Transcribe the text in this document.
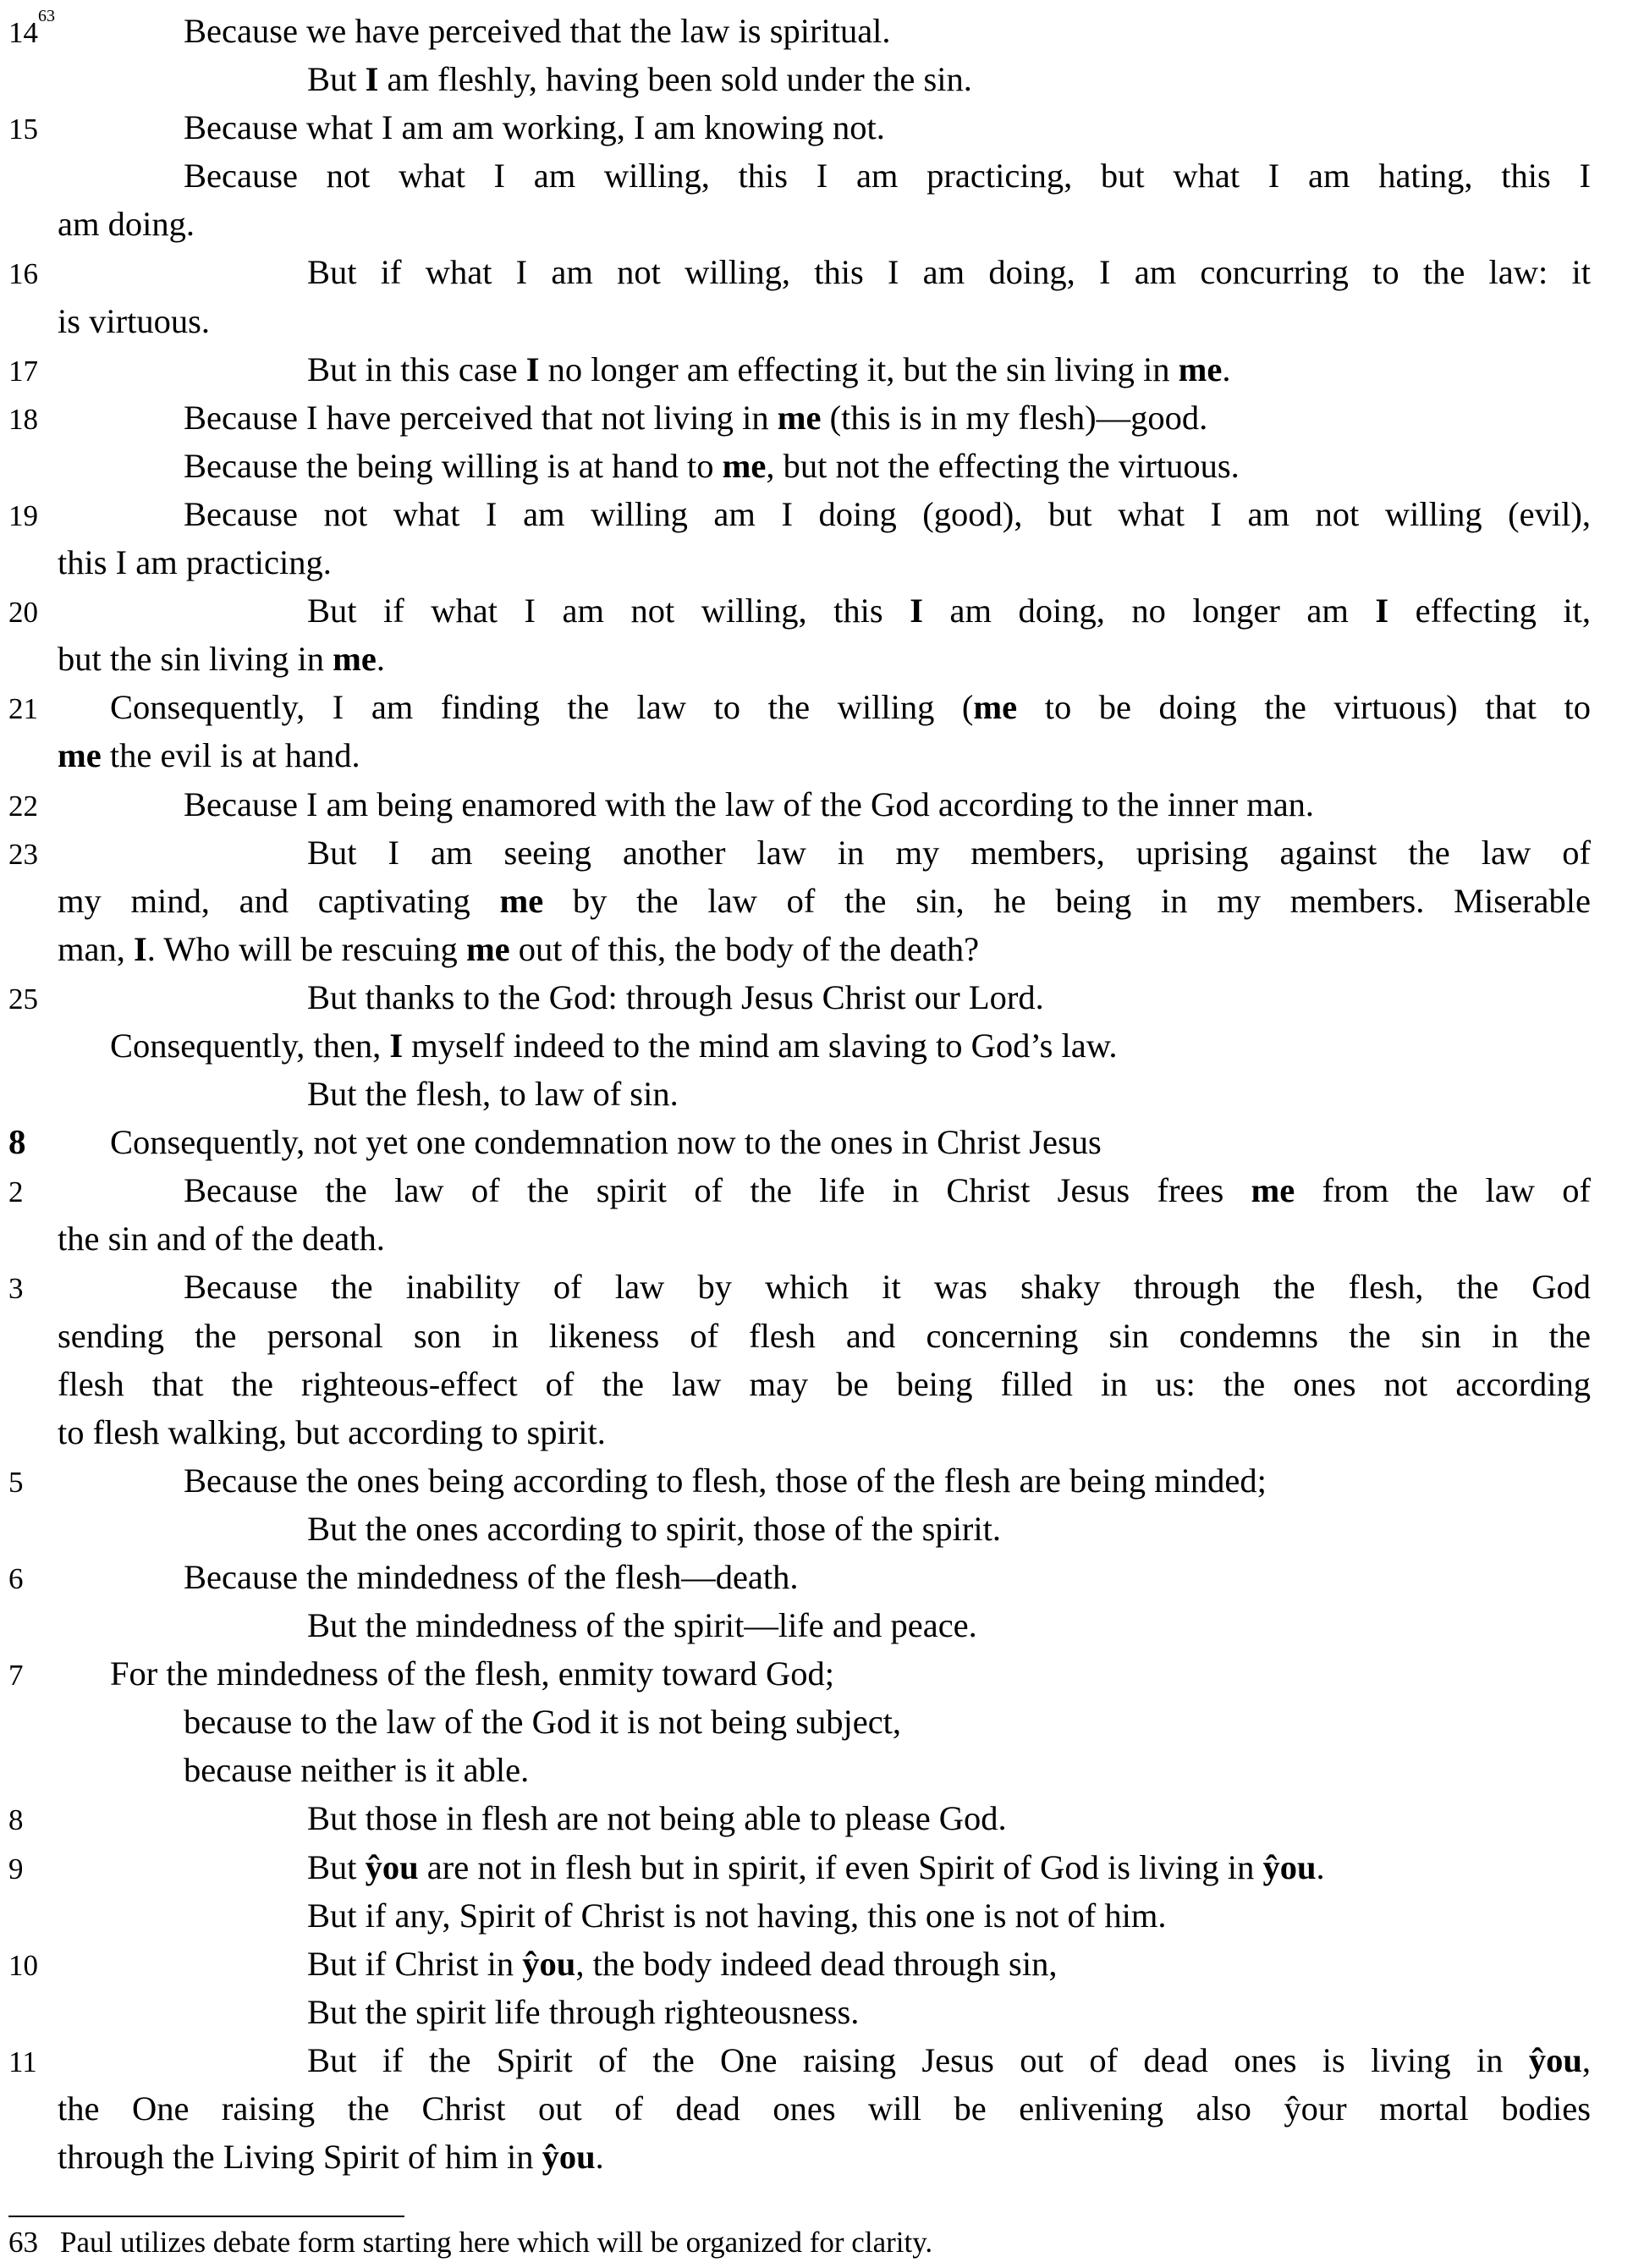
$14^{63}$	Because we have perceived that the law is spiritual.
But I am fleshly, having been sold under the sin.
15	Because what I am am working, I am knowing not.
Because not what I am willing, this I am practicing, but what I am hating, this I
am doing.
16	But if what I am not willing, this I am doing, I am concurring to the law: it
is virtuous.
17	But in this case I no longer am effecting it, but the sin living in me.
18	Because I have perceived that not living in me (this is in my flesh)—good.
Because the being willing is at hand to me, but not the effecting the virtuous.
19	Because not what I am willing am I doing (good), but what I am not willing (evil),
this I am practicing.
20	But if what I am not willing, this I am doing, no longer am I effecting it,
but the sin living in me.
21 Consequently, I am finding the law to the willing (me to be doing the virtuous) that to
me the evil is at hand.
22	Because I am being enamored with the law of the God according to the inner man.
23	But I am seeing another law in my members, uprising against the law of
my mind, and captivating me by the law of the sin, he being in my members. Miserable
man, I. Who will be rescuing me out of this, the body of the death?
25	But thanks to the God: through Jesus Christ our Lord.
Consequently, then, I myself indeed to the mind am slaving to God’s law.
But the flesh, to law of sin.
8 Consequently, not yet one condemnation now to the ones in Christ Jesus
2	Because the law of the spirit of the life in Christ Jesus frees me from the law of
the sin and of the death.
3	Because the inability of law by which it was shaky through the flesh, the God
sending the personal son in likeness of flesh and concerning sin condemns the sin in the
flesh that the righteous-effect of the law may be being filled in us: the ones not according
to flesh walking, but according to spirit.
5	Because the ones being according to flesh, those of the flesh are being minded;
But the ones according to spirit, those of the spirit.
6	Because the mindedness of the flesh—death.
But the mindedness of the spirit—life and peace.
7	For the mindedness of the flesh, enmity toward God;
because to the law of the God it is not being subject,
because neither is it able.
8	But those in flesh are not being able to please God.
9	But ŷou are not in flesh but in spirit, if even Spirit of God is living in ŷou.
But if any, Spirit of Christ is not having, this one is not of him.
10	But if Christ in ŷou, the body indeed dead through sin,
But the spirit life through righteousness.
11	But if the Spirit of the One raising Jesus out of dead ones is living in ŷou,
the One raising the Christ out of dead ones will be enlivening also ŷour mortal bodies
through the Living Spirit of him in ŷou.
63 Paul utilizes debate form starting here which will be organized for clarity.
